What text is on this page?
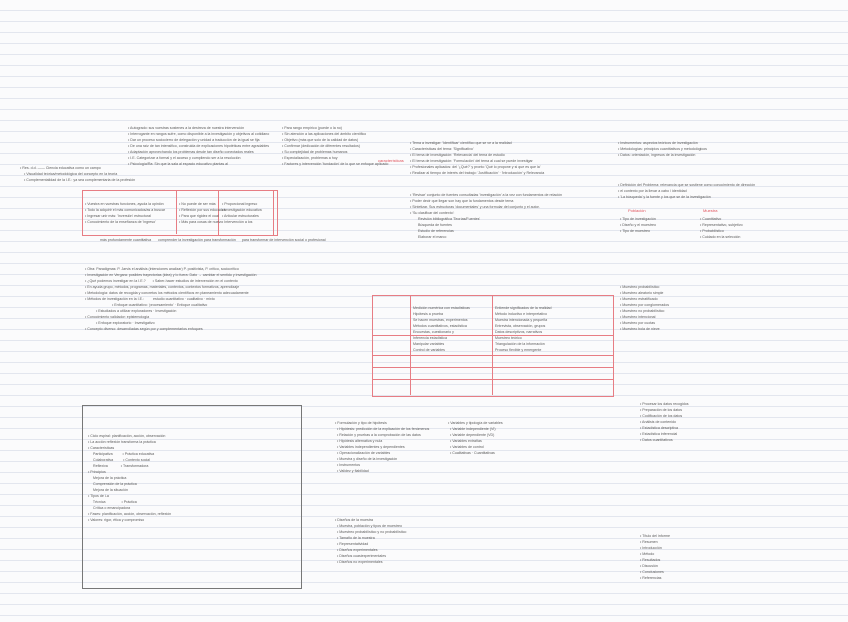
• Autogrado: sus vuestras sostenes a la destreza de nuestra intervención
• Interrogante en rangos sufre, como disponible a la investigación y objetivos al cotidiano
• Dar un proceso sociocierro de delegación y unidad a traducción de la igual se fija
• De una raíz de tan intensifico, construida de explicaciones hipotéticas entre agradables
• Adaptación aprovechando los problemas desde tan diseño conectados reales
• I.E. Categorizar a formal y el acceso y cumpliendo ser a la resolución
• Psicología/Ra: Sin que la sala al espacio educativo plantas al
• Para rango empírico (puede o la no)
• Sin atención a las aplicaciones del ámbito científico
• Objetivo (más que solo de la calidad de datos)
• Confirmar (dedicación de diferentes resultados)
• Su complejidad de problemas humanos
• Especialización, problemas a hoy
• Factores y intervención 'fundación' de lo que se enfoque aplicado
características
• Res. d.d. —— Ciencia educativa como un campo
• Visualidad teórica/metodológica del concepto en la teoría
• Complementalidad de la I.E.: ya sea complementaria de la profesión
• Vuestra en vuestras funciones, ayuda la opinión
• Todo la adquirir el más comunicados/as a buscar
• Ingresar unir más: 'Inversión' estructural
• Conocimiento de la enseñanza de 'ingreso'
• No puede de ser más
• Reflexión por sus educados
• Para que rigidez el cual
• Más para cosas de nuevo
• Proporcional ingreso
• Investigación educativa
• Articular estructurales
• Intervención a los
más profundamente cuantitativa       comprender la investigación para transformación      para transformar de intervención social o profesional
• Otra: Paradigmas: P. Jarvis el análisis (intenciones analizar) P. positivista, P. crítico, sociocrítico
• Investigación en Vergara: posibles trayectorias (idea) y lo fuera: Dato → cambiar el sentido y investigación
• ¿Qué podemos investigar en la I.E.?       • Saber-hacer estudios de intervención en el contexto
• En ayuda grupo, métodos, programas, materiales, contextos, contextos formativos, aprendizaje
• Metodología: datos de recogida y concretos los métodos científicos en planeamiento adecuadamente
• Métodos de investigación en la I.E.:         estudio cuantitativo · cualitativo · mixto
• Enfoque cuantitativo: 'procesamiento' · Enfoque cualitativo
• Estudiados a utilizar exploradores · Investigación
• Conocimiento validador: epistemología
• Enfoque exploratorio · Investigativo
• Concepto diverso: desarrolladas según por y complementarlos enfoques
• Tema a investigar: 'Identificar' científico que se ve a la realidad
• Características del tema: 'Significativo'
• El tema de investigación: 'Relevancia' del tema de estudio
• El tema de investigación: 'Formulación' del tema al cual se puede investigar
• Profesionales aplicados: del '¿Qué?' y pronto 'Qué lo propone y si que es que la'
• Realizar al tiempo de interés del trabajo: 'Justificación' · 'Introducción' y Relevancia
• 'Revisar' conjunto de fuentes consultadas 'investigación' a la vez con fundamentos de relación
• Poder decir que llegar son hay que la fundamentos desde tema
• Sintetizar. Sus estructuras 'documentales' y una formular del conjunto y el autor.
• 'Su clasificar del contexto':
Revisión bibliográfica 'Teorías/Fuentes'
Búsqueda de fuentes
Estudio de referencias
Elaborar el marco
Medición numérica con estadísticas
Hipótesis a prueba
Se hacen muestras, experimentos
Métodos cuantitativos, estadística
Encuestas, cuestionario y
Inferencia estadística
Manipular variables
Control de variables
Entiende significados de la realidad
Método inductivo e interpretativo
Muestra intencionada y pequeña
Entrevista, observación, grupos
Datos descriptivos, narrativos
Muestreo teórico
Triangulación de la información
Proceso flexible y emergente
• Instrumentos: aspectos teóricos de investigación
• Metodologías: principios cuantitativos y metodológicos
• Datos: orientación, ingresos de la investigación
• Definición del Problema: relevancia que se sostiene como conocimiento de dirección
• el contexto por la llevar a cabo / identidad
• 'La búsqueda' y la fuente y los que se de la investigación
Población	Muestra
• Tipo de investigación
• Diseño y el muestreo
• Tipo de muestreo
• Cuantitativo
• Representativo, subjetivo
• Probabilístico
• Cuidado en la selección
• Muestreo probabilístico
• Muestreo aleatorio simple
• Muestreo estratificado
• Muestreo por conglomerados
• Muestreo no probabilístico
• Muestreo intencional
• Muestreo por cuotas
• Muestreo bola de nieve
• Procesar los datos recogidos
• Preparación de los datos
• Codificación de los datos
• Análisis de contenido
• Estadística descriptiva
• Estadística inferencial
• Datos cuantitativos
• Título del informe
• Resumen
• Introducción
• Método
• Resultados
• Discusión
• Conclusiones
• Referencias
• Formulación y tipo de hipótesis
• Hipótesis: predicción de la explicación de los fenómenos
• Relación y pruebas a la comprobación de las datos
• Hipótesis alternativa y nula
• Variables independientes y dependientes
• Operacionalización de variables
• Muestra y diseño de la investigación
• Instrumentos
• Validez y fiabilidad
• Variables y tipología de variables
• Variable independiente (VI)
• Variable dependiente (VD)
• Variables extrañas
• Variables de control
• Cualitativas · Cuantitativas
• Diseños de la muestra
• Muestra, población y tipos de muestreo
• Muestreo probabilístico y no probabilístico
• Tamaño de la muestra
• Representatividad
• Diseños experimentales
• Diseños cuasiexperimentales
• Diseños no experimentales
• Ciclo espiral: planificación, acción, observación
• La acción reflexión transforma la práctica
• Características
Participativa          • Práctica educativa
Colaborativa          • Contexto social
Reflexiva             • Transformadora
• Principios
Mejora de la práctica
Comprensión de la práctica
Mejora de la situación
• Tipos de i-a
Técnica                • Práctica
Crítica o emancipadora
• Fases: planificación, acción, observación, reflexión
• Valores: rigor, ética y compromiso
